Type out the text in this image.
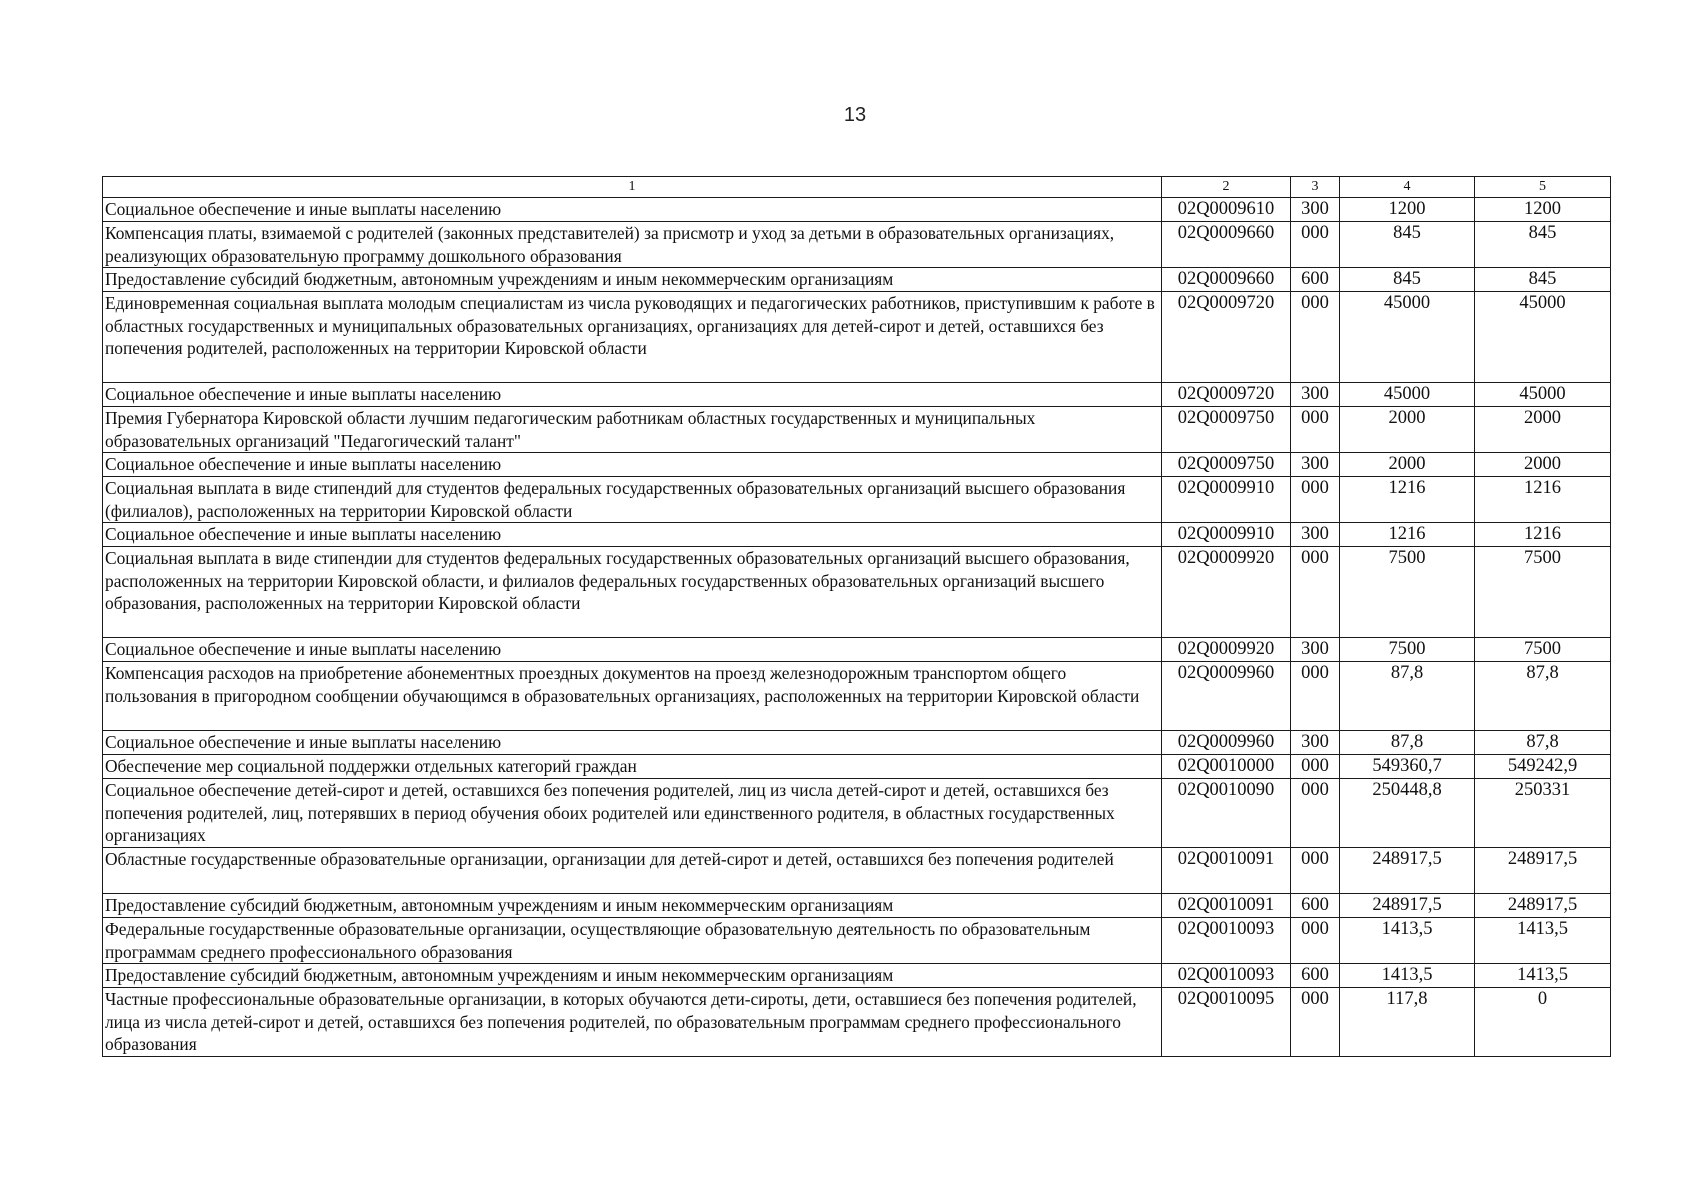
13
1	2	3	4	5
Социальное обеспечение и иные выплаты населению	02Q0009610	300	1200	1200
Компенсация платы, взимаемой с родителей (законных представителей) за присмотр и уход за детьми в образовательных организациях, реализующих образовательную программу дошкольного образования	02Q0009660	000	845	845
Предоставление субсидий бюджетным, автономным учреждениям и иным некоммерческим организациям	02Q0009660	600	845	845
Единовременная социальная выплата молодым специалистам из числа руководящих и педагогических работников, приступившим к работе в областных государственных и муниципальных образовательных организациях, организациях для детей-сирот и детей, оставшихся без попечения родителей, расположенных на территории Кировской области	02Q0009720	000	45000	45000
Социальное обеспечение и иные выплаты населению	02Q0009720	300	45000	45000
Премия Губернатора Кировской области лучшим педагогическим работникам областных государственных и муниципальных образовательных организаций "Педагогический талант"	02Q0009750	000	2000	2000
Социальное обеспечение и иные выплаты населению	02Q0009750	300	2000	2000
Социальная выплата в виде стипендий для студентов федеральных государственных образовательных организаций высшего образования (филиалов), расположенных на территории Кировской области	02Q0009910	000	1216	1216
Социальное обеспечение и иные выплаты населению	02Q0009910	300	1216	1216
Социальная выплата в виде стипендии для студентов федеральных государственных образовательных организаций высшего образования, расположенных на территории Кировской области, и филиалов федеральных государственных образовательных организаций высшего образования, расположенных на территории Кировской области	02Q0009920	000	7500	7500
Социальное обеспечение и иные выплаты населению	02Q0009920	300	7500	7500
Компенсация расходов на приобретение абонементных проездных документов на проезд железнодорожным транспортом общего пользования в пригородном сообщении обучающимся в образовательных организациях, расположенных на территории Кировской области	02Q0009960	000	87,8	87,8
Социальное обеспечение и иные выплаты населению	02Q0009960	300	87,8	87,8
Обеспечение мер социальной поддержки отдельных категорий граждан	02Q0010000	000	549360,7	549242,9
Социальное обеспечение детей-сирот и детей, оставшихся без попечения родителей, лиц из числа детей-сирот и детей, оставшихся без попечения родителей, лиц, потерявших в период обучения обоих родителей или единственного родителя, в областных государственных организациях	02Q0010090	000	250448,8	250331
Областные государственные образовательные организации, организации для детей-сирот и детей, оставшихся без попечения родителей	02Q0010091	000	248917,5	248917,5
Предоставление субсидий бюджетным, автономным учреждениям и иным некоммерческим организациям	02Q0010091	600	248917,5	248917,5
Федеральные государственные образовательные организации, осуществляющие образовательную деятельность по образовательным программам среднего профессионального образования	02Q0010093	000	1413,5	1413,5
Предоставление субсидий бюджетным, автономным учреждениям и иным некоммерческим организациям	02Q0010093	600	1413,5	1413,5
Частные профессиональные образовательные организации, в которых обучаются дети-сироты, дети, оставшиеся без попечения родителей, лица из числа детей-сирот и детей, оставшихся без попечения родителей, по образовательным программам среднего профессионального образования	02Q0010095	000	117,8	0
